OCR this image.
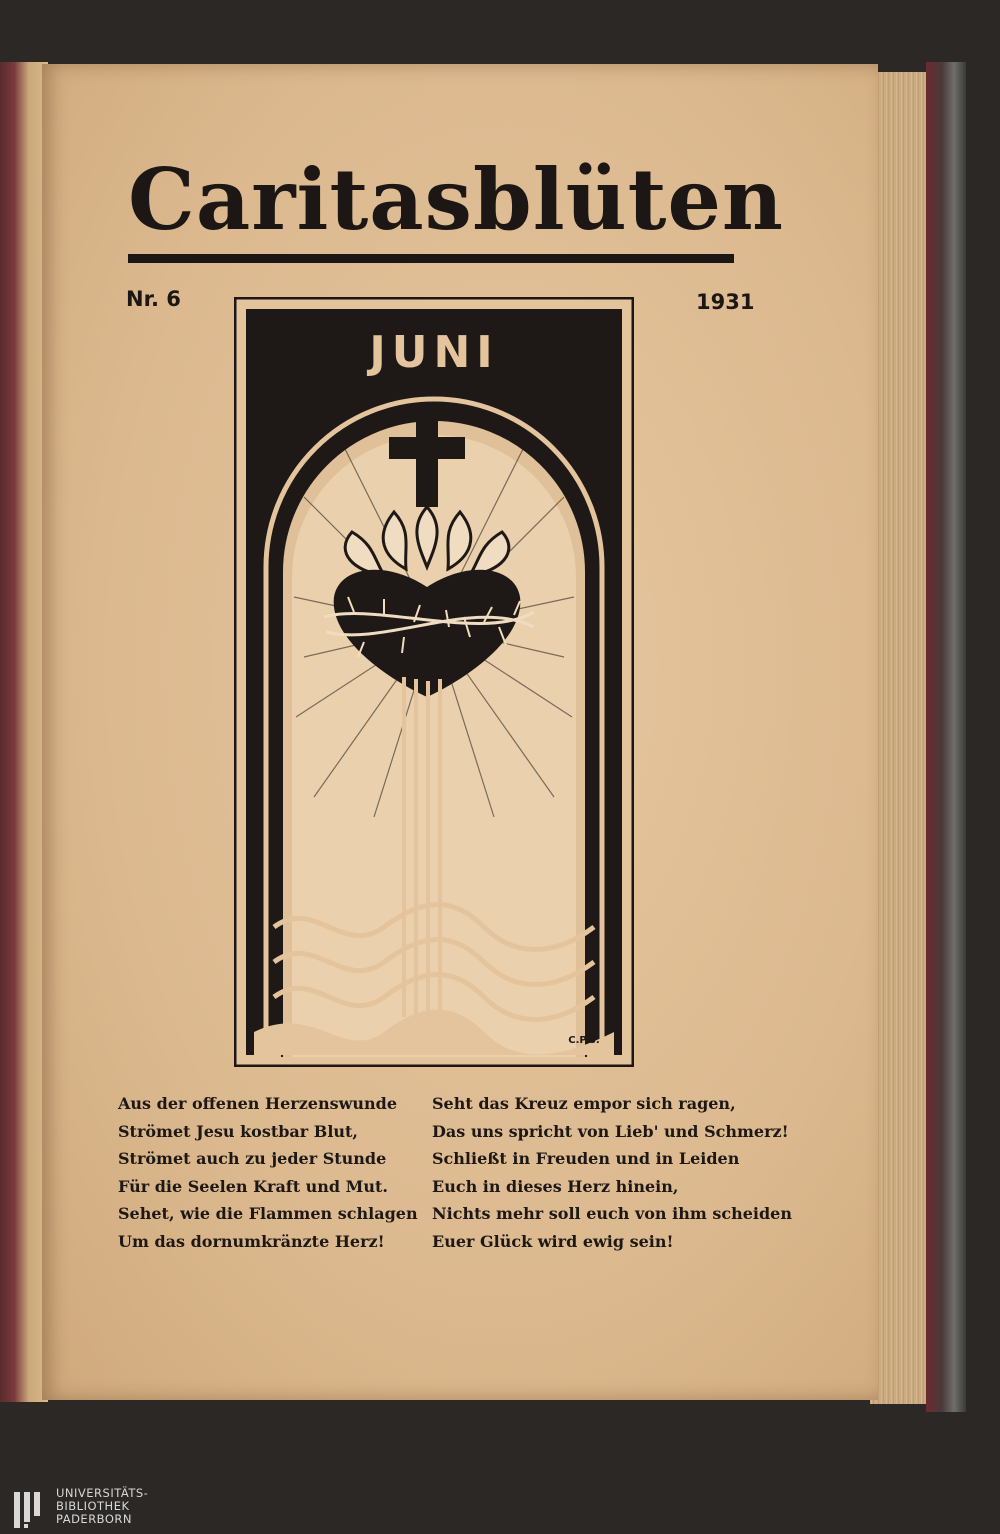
Caritasblüten
Nr. 6	1931
JUNI
C.P.S.
Aus der offenen Herzenswunde
Strömet Jesu kostbar Blut,
Strömet auch zu jeder Stunde
Für die Seelen Kraft und Mut.
Sehet, wie die Flammen schlagen
Um das dornumkränzte Herz!
Seht das Kreuz empor sich ragen,
Das uns spricht von Lieb' und Schmerz!
Schließt in Freuden und in Leiden
Euch in dieses Herz hinein,
Nichts mehr soll euch von ihm scheiden
Euer Glück wird ewig sein!
UNIVERSITÄTS-
BIBLIOTHEK
PADERBORN
